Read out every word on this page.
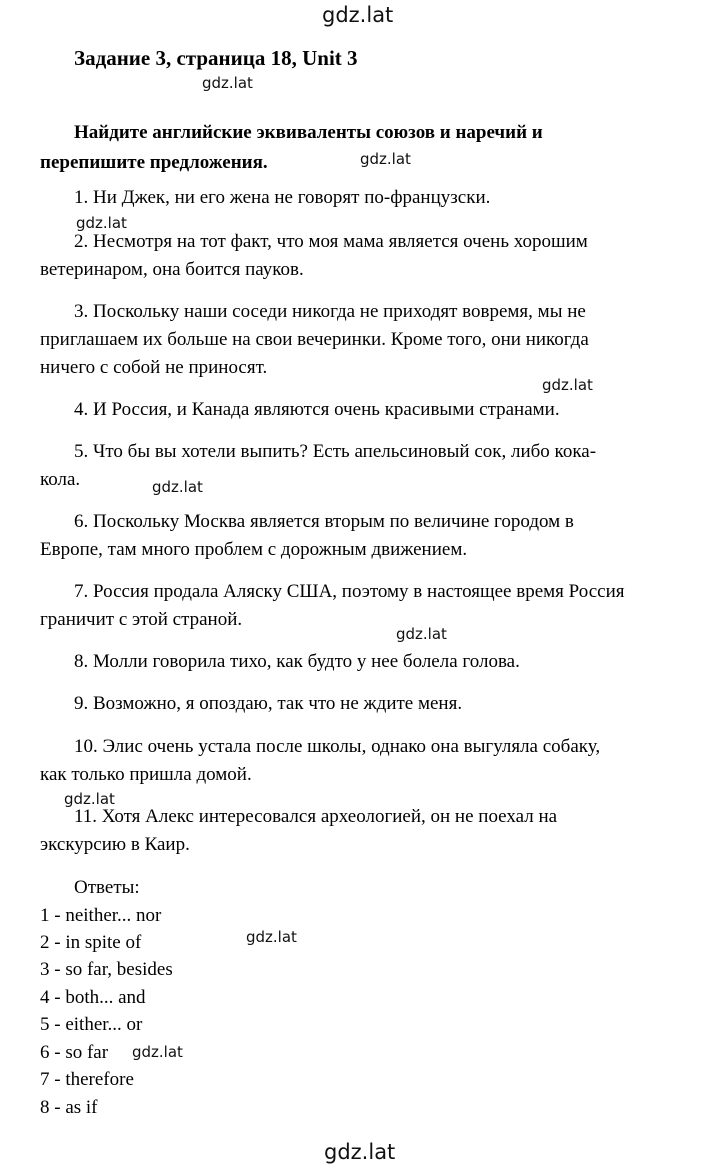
gdz.lat
gdz.lat
gdz.lat
gdz.lat
gdz.lat
gdz.lat
gdz.lat
gdz.lat
gdz.lat
gdz.lat
gdz.lat
Задание 3, страница 18, Unit 3
Найдите английские эквиваленты союзов и наречий и
перепишите предложения.
1. Ни Джек, ни его жена не говорят по-французски.
2. Несмотря на тот факт, что моя мама является очень хорошим
ветеринаром, она боится пауков.
3. Поскольку наши соседи никогда не приходят вовремя, мы не
приглашаем их больше на свои вечеринки. Кроме того, они никогда
ничего с собой не приносят.
4. И Россия, и Канада являются очень красивыми странами.
5. Что бы вы хотели выпить? Есть апельсиновый сок, либо кока-
кола.
6. Поскольку Москва является вторым по величине городом в
Европе, там много проблем с дорожным движением.
7. Россия продала Аляску США, поэтому в настоящее время Россия
граничит с этой страной.
8. Молли говорила тихо, как будто у нее болела голова.
9. Возможно, я опоздаю, так что не ждите меня.
10. Элис очень устала после школы, однако она выгуляла собаку,
как только пришла домой.
11. Хотя Алекс интересовался археологией, он не поехал на
экскурсию в Каир.
Ответы:
1 - neither... nor
2 - in spite of
3 - so far, besides
4 - both... and
5 - either... or
6 - so far
7 - therefore
8 - as if
